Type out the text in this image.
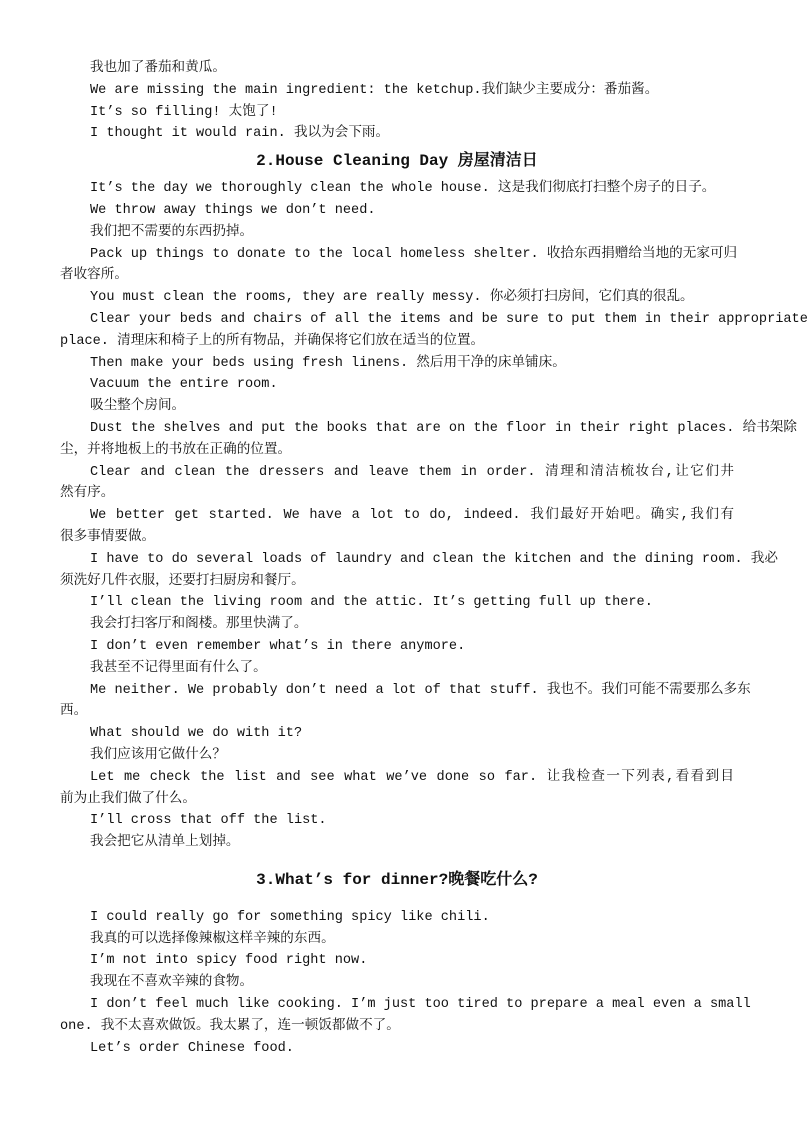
我也加了番茄和黄瓜。
We are missing the main ingredient: the ketchup.我们缺少主要成分：番茄酱。
It’s so filling! 太饱了!
I thought it would rain. 我以为会下雨。
2.House Cleaning Day 房屋清洁日
It’s the day we thoroughly clean the whole house. 这是我们彻底打扫整个房子的日子。
We throw away things we don’t need.
我们把不需要的东西扔掉。
Pack up things to donate to the local homeless shelter. 收拾东西捐赠给当地的无家可归
者收容所。
You must clean the rooms, they are really messy. 你必须打扫房间，它们真的很乱。
Clear your beds and chairs of all the items and be sure to put them in their appropriate
place. 清理床和椅子上的所有物品，并确保将它们放在适当的位置。
Then make your beds using fresh linens. 然后用干净的床单铺床。
Vacuum the entire room.
吸尘整个房间。
Dust the shelves and put the books that are on the floor in their right places. 给书架除
尘，并将地板上的书放在正确的位置。
Clear and clean the dressers and leave them in order. 清理和清洁梳妆台,让它们井
然有序。
We better get started. We have a lot to do, indeed. 我们最好开始吧。确实,我们有
很多事情要做。
I have to do several loads of laundry and clean the kitchen and the dining room. 我必
须洗好几件衣服，还要打扫厨房和餐厅。
I’ll clean the living room and the attic. It’s getting full up there.
我会打扫客厅和阁楼。那里快满了。
I don’t even remember what’s in there anymore.
我甚至不记得里面有什么了。
Me neither. We probably don’t need a lot of that stuff. 我也不。我们可能不需要那么多东
西。
What should we do with it?
我们应该用它做什么？
Let me check the list and see what we’ve done so far. 让我检查一下列表,看看到目
前为止我们做了什么。
I’ll cross that off the list.
我会把它从清单上划掉。
3.What’s for dinner?晚餐吃什么?
I could really go for something spicy like chili.
我真的可以选择像辣椒这样辛辣的东西。
I’m not into spicy food right now.
我现在不喜欢辛辣的食物。
I don’t feel much like cooking. I’m just too tired to prepare a meal even a small
one. 我不太喜欢做饭。我太累了，连一顿饭都做不了。
Let’s order Chinese food.
